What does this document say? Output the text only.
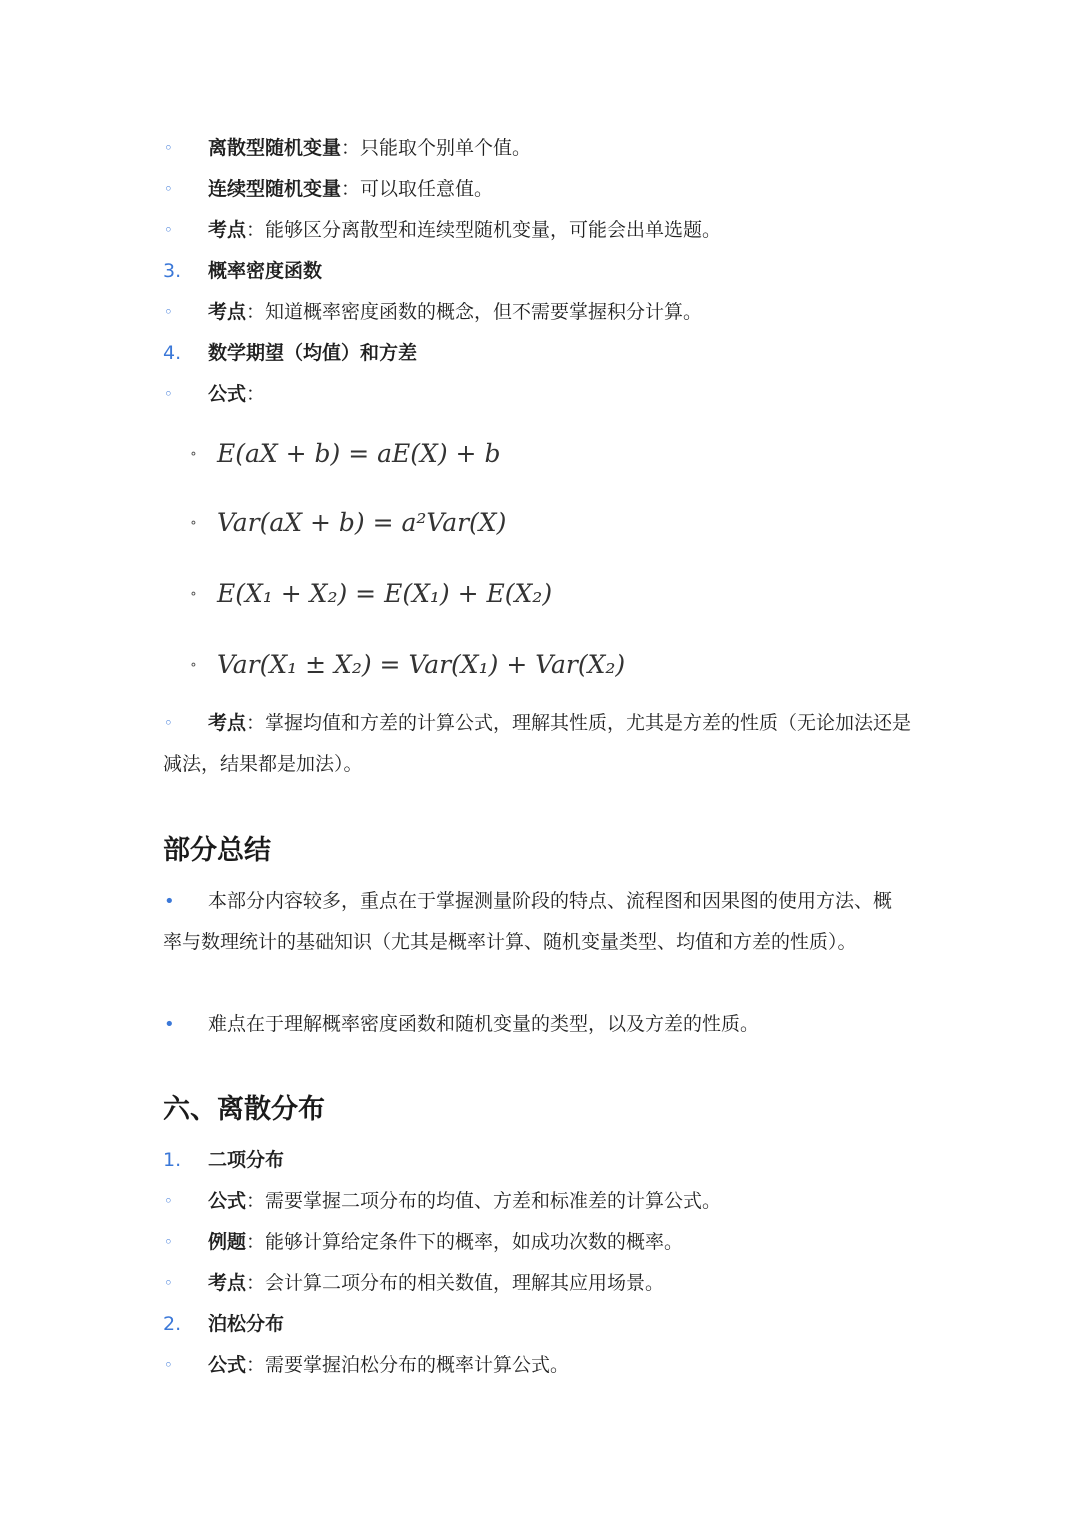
◦	离散型随机变量：只能取个别单个值。
◦	连续型随机变量：可以取任意值。
◦	考点：能够区分离散型和连续型随机变量，可能会出单选题。
3.	概率密度函数
◦	考点：知道概率密度函数的概念，但不需要掌握积分计算。
4.	数学期望（均值）和方差
◦	公式：
∘ E(aX + b) = aE(X) + b
∘ Var(aX + b) = a²Var(X)
∘ E(X₁ + X₂) = E(X₁) + E(X₂)
∘ Var(X₁ ± X₂) = Var(X₁) + Var(X₂)
◦	考点：掌握均值和方差的计算公式，理解其性质，尤其是方差的性质（无论加法还是减法，结果都是加法）。
部分总结
•	本部分内容较多，重点在于掌握测量阶段的特点、流程图和因果图的使用方法、概率与数理统计的基础知识（尤其是概率计算、随机变量类型、均值和方差的性质）。
•	难点在于理解概率密度函数和随机变量的类型，以及方差的性质。
六、离散分布
1.	二项分布
◦	公式：需要掌握二项分布的均值、方差和标准差的计算公式。
◦	例题：能够计算给定条件下的概率，如成功次数的概率。
◦	考点：会计算二项分布的相关数值，理解其应用场景。
2.	泊松分布
◦	公式：需要掌握泊松分布的概率计算公式。
